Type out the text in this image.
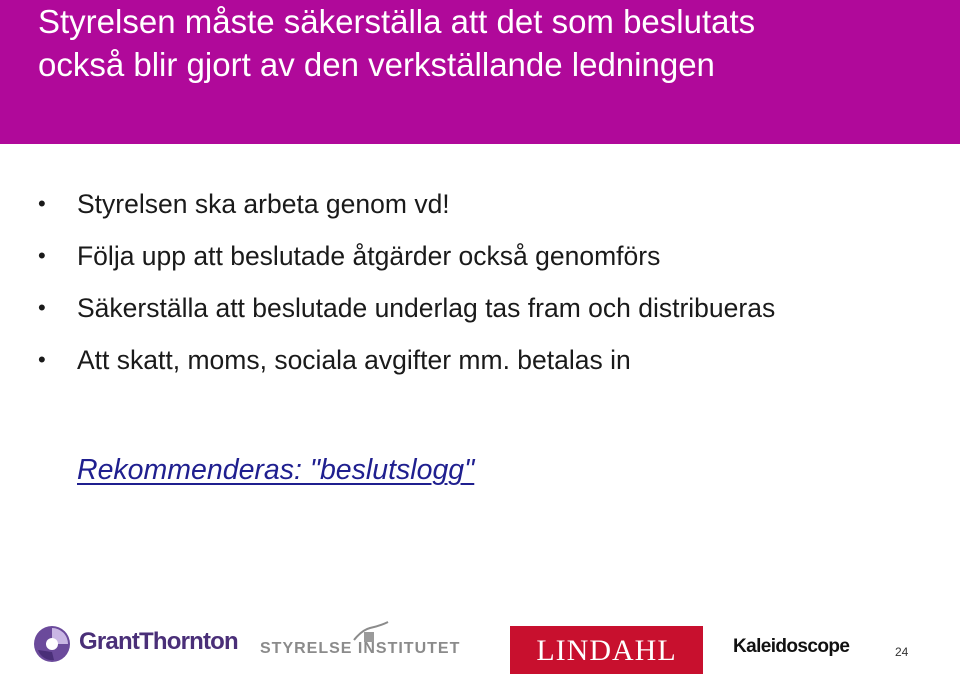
Styrelsen måste säkerställa att det som beslutats
också blir gjort av den verkställande ledningen
• Styrelsen ska arbeta genom vd!
• Följa upp att beslutade åtgärder också genomförs
• Säkerställa att beslutade underlag tas fram och distribueras
• Att skatt, moms, sociala avgifter mm. betalas in
Rekommenderas: "beslutslogg"
GrantThornton STYRELSE INSTITUTET	LINDAHL	Kaleidoscope	24
